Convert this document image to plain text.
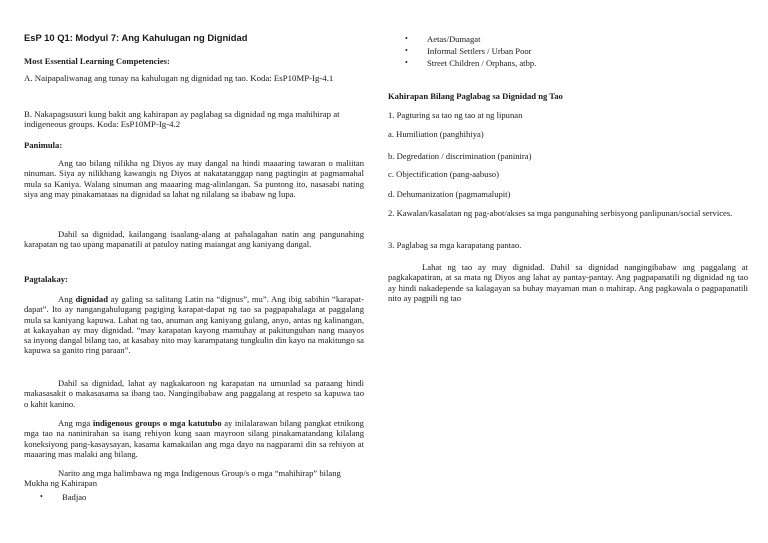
EsP 10 Q1: Modyul 7: Ang Kahulugan ng Dignidad

Most Essential Learning Competencies:

A. Naipapaliwanag ang tunay na kahulugan ng dignidad ng tao. Koda: EsP10MP-Ig-4.1

B. Nakapagsusuri kung bakit ang kahirapan ay paglabag sa dignidad ng mga mahihirap at indigeneous groups. Koda: EsP10MP-Ig-4.2

Panimula:

Ang tao bilang nilikha ng Diyos ay may dangal na hindi maaaring tawaran o maliitan ninuman. Siya ay nilikhang kawangis ng Diyos at nakatatanggap nang pagtingin at pagmamahal mula sa Kaniya. Walang sinuman ang maaaring mag-alinlangan. Sa puntong ito, nasasabi nating siya ang may pinakamataas na dignidad sa lahat ng nilalang sa ibabaw ng lupa.

Dahil sa dignidad, kailangang isaalang-alang at pahalagahan natin ang pangunahing karapatan ng tao upang mapanatili at patuloy nating maiangat ang kaniyang dangal.

Pagtalakay:

Ang dignidad ay galing sa salitang Latin na “dignus”, mu”. Ang ibig sabihin “karapat-dapat”. Ito ay nangangahulugang pagiging karapat-dapat ng tao sa pagpapahalaga at paggalang mula sa kaniyang kapuwa. Lahat ng tao, anuman ang kaniyang gulang, anyo, antas ng kalinangan, at kakayahan ay may dignidad. “may karapatan kayong mamuhay at pakitunguhan nang maayos sa inyong dangal bilang tao, at kasabay nito may karampatang tungkulin din kayo na makitungo sa kapuwa sa ganito ring paraan”.

Dahil sa dignidad, lahat ay nagkakaroon ng karapatan na umunlad sa paraang hindi makasasakit o makasasama sa ibang tao. Nangingibabaw ang paggalang at respeto sa kapuwa tao o kahit kanino.

Ang mga indigenous groups o mga katutubo ay inilalarawan bilang pangkat etnikong mga tao na naninirahan sa isang rehiyon kung saan mayroon silang pinakamatandang kilalang koneksiyong pang-kasaysayan, kasama kamakailan ang mga dayo na nagparami din sa rehiyon at maaaring mas malaki ang bilang.

Narito ang mga halimbawa ng mga Indigenous Group/s o mga “mahihirap” bilang Mukha ng Kahirapan

• Badjao
• Aetas/Dumagat
• Informal Settlers / Urban Poor
• Street Children / Orphans, atbp.

Kahirapan Bilang Paglabag sa Dignidad ng Tao

1. Pagturing sa tao ng tao at ng lipunan

a. Humiliation (panghihiya)

b. Degredation / discrimination (paninira)

c. Objectification (pang-aabuso)

d. Dehumanization (pagmamalupit)

2. Kawalan/kasalatan ng pag-abot/akses sa mga pangunahing serbisyong panlipunan/social services.

3. Paglabag sa mga karapatang pantao.

Lahat ng tao ay may dignidad. Dahil sa dignidad nangingibabaw ang paggalang at pagkakapatiran, at sa mata ng Diyos ang lahat ay pantay-pantay. Ang pagpapanatili ng dignidad ng tao ay hindi nakadepende sa kalagayan sa buhay mayaman man o mahirap. Ang pagkawala o pagpapanatili nito ay pagpili ng tao
